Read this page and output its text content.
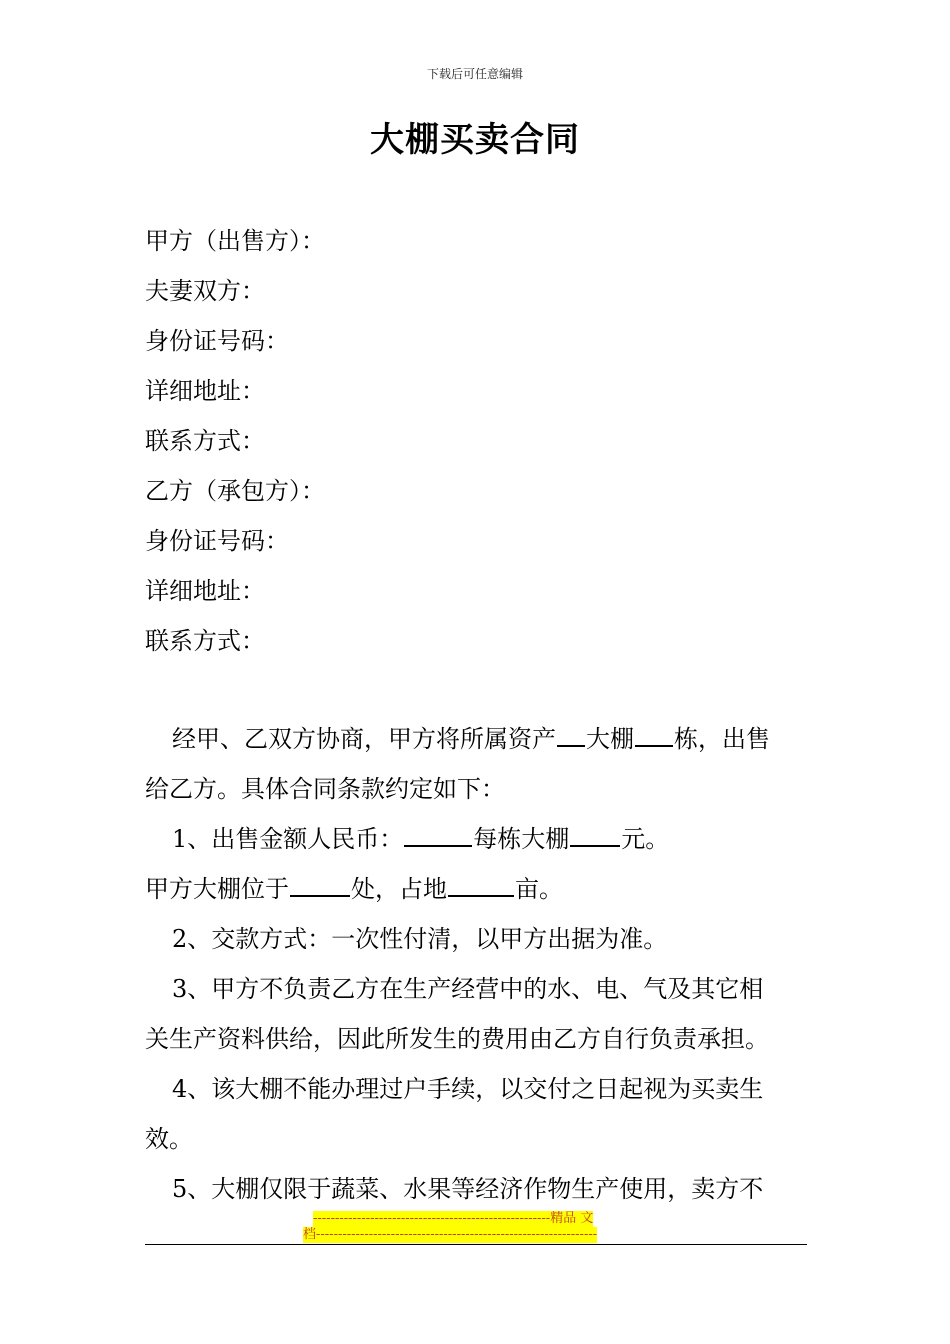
下载后可任意编辑
大棚买卖合同
甲方（出售方）：
夫妻双方：
身份证号码：
详细地址：
联系方式：
乙方（承包方）：
身份证号码：
详细地址：
联系方式：
经甲、乙双方协商，甲方将所属资产 大棚 栋，出售
给乙方。具体合同条款约定如下：
1、出售金额人民币：	每栋大棚 元。
甲方大棚位于	处，占地	亩。
2、交款方式：一次性付清，以甲方出据为准。
3、甲方不负责乙方在生产经营中的水、电、气及其它相
关生产资料供给，因此所发生的费用由乙方自行负责承担。
4、该大棚不能办理过户手续，以交付之日起视为买卖生
效。
5、大棚仅限于蔬菜、水果等经济作物生产使用，卖方不
------------------------------------------------------精品 文
档----------------------------------------------------------------
